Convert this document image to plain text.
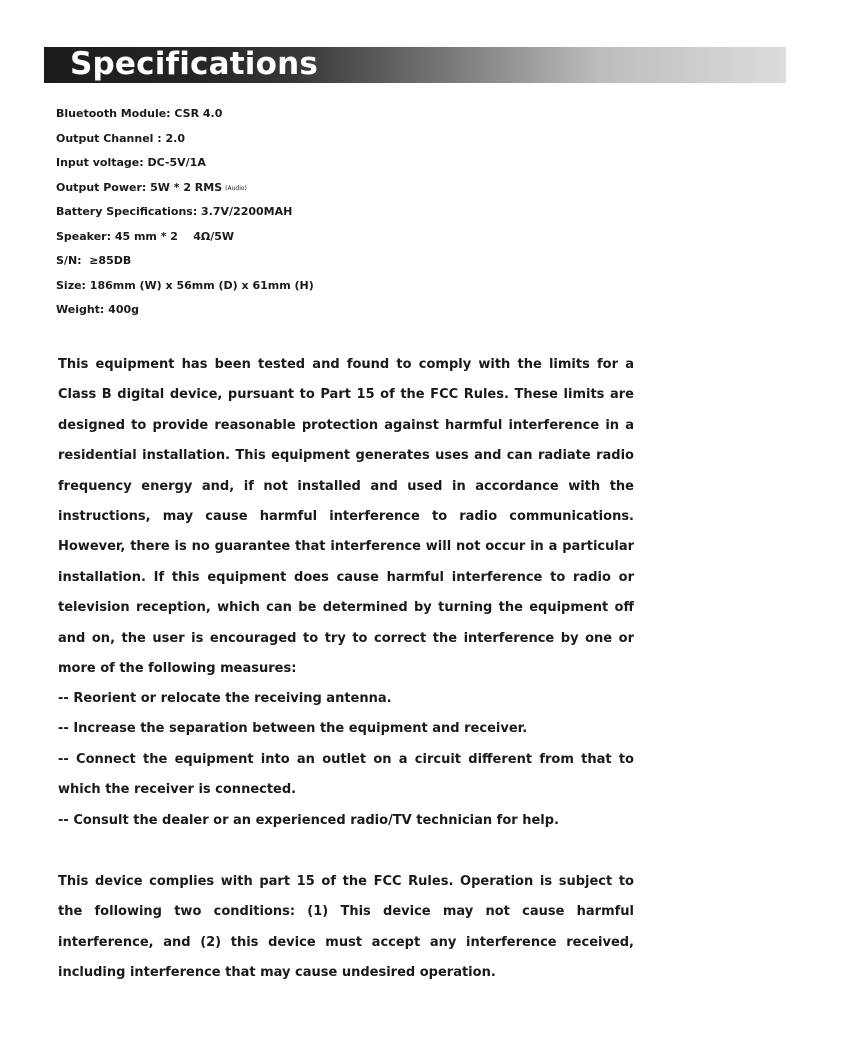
Specifications
Bluetooth Module: CSR 4.0
Output Channel : 2.0
Input voltage: DC-5V/1A
Output Power: 5W * 2 RMS (Audio)
Battery Specifications: 3.7V/2200MAH
Speaker: 45 mm * 2    4Ω/5W
S/N:  ≥85DB
Size: 186mm (W) x 56mm (D) x 61mm (H)
Weight: 400g

This equipment has been tested and found to comply with the limits for a Class B digital device, pursuant to Part 15 of the FCC Rules. These limits are designed to provide reasonable protection against harmful interference in a residential installation. This equipment generates uses and can radiate radio frequency energy and, if not installed and used in accordance with the instructions, may cause harmful interference to radio communications. However, there is no guarantee that interference will not occur in a particular installation. If this equipment does cause harmful interference to radio or television reception, which can be determined by turning the equipment off and on, the user is encouraged to try to correct the interference by one or more of the following measures:

-- Reorient or relocate the receiving antenna.
-- Increase the separation between the equipment and receiver.
-- Connect the equipment into an outlet on a circuit different from that to which the receiver is connected.
-- Consult the dealer or an experienced radio/TV technician for help.

This device complies with part 15 of the FCC Rules. Operation is subject to the following two conditions: (1) This device may not cause harmful interference, and (2) this device must accept any interference received, including interference that may cause undesired operation.
